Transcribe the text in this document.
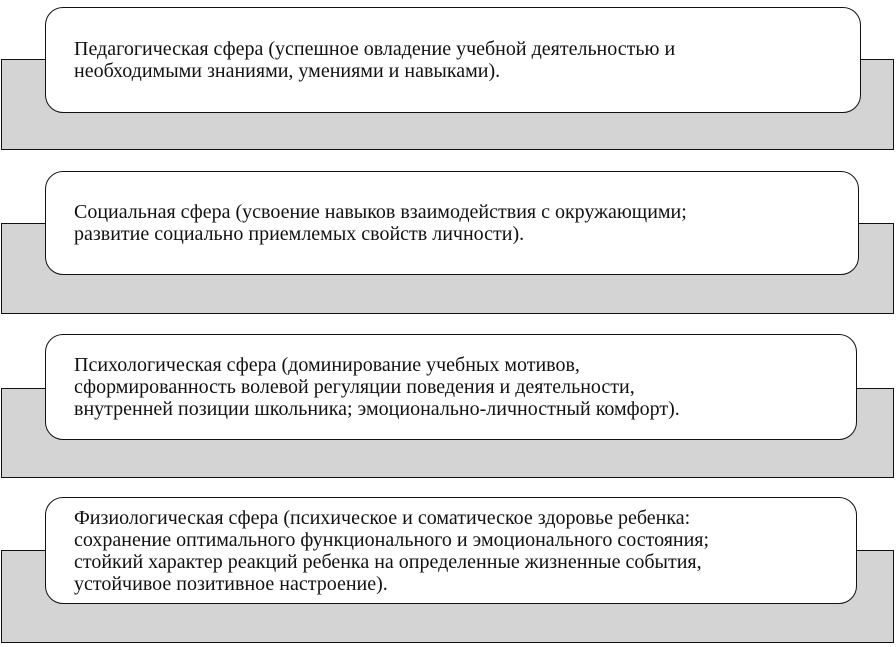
Педагогическая сфера (успешное овладение учебной деятельностью и
необходимыми знаниями, умениями и навыками).
Социальная сфера (усвоение навыков взаимодействия с окружающими;
развитие социально приемлемых свойств личности).
Психологическая сфера (доминирование учебных мотивов,
сформированность волевой регуляции поведения и деятельности,
внутренней позиции школьника; эмоционально-личностный комфорт).
Физиологическая сфера (психическое и соматическое здоровье ребенка:
сохранение оптимального функционального и эмоционального состояния;
стойкий характер реакций ребенка на определенные жизненные события,
устойчивое позитивное настроение).
